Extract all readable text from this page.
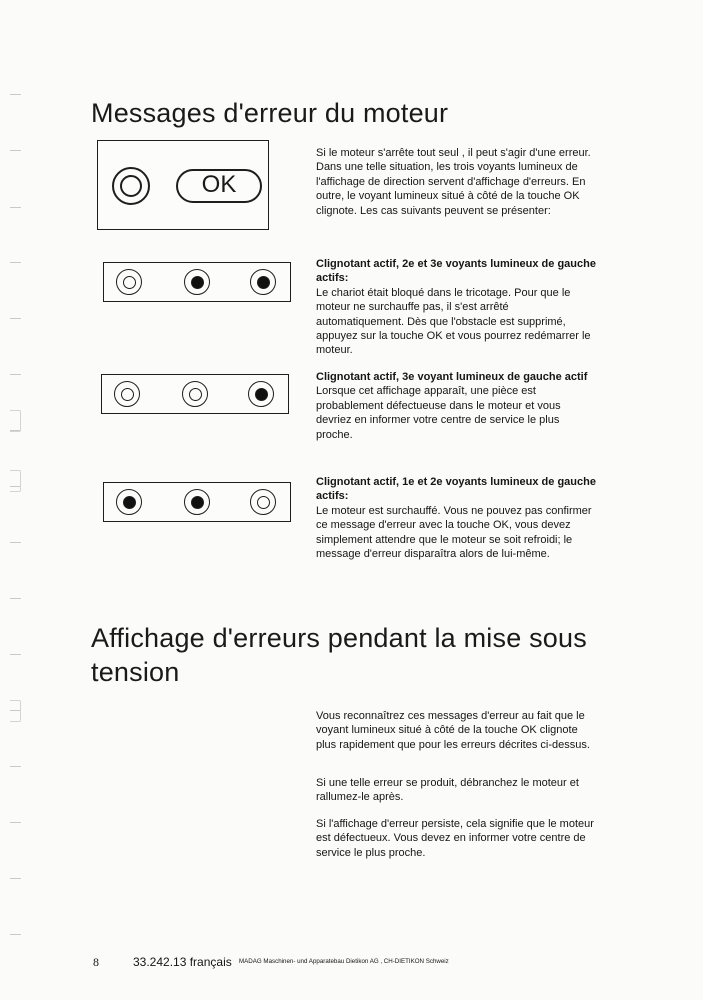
Messages d'erreur du moteur
OK

Si le moteur s'arrête tout seul , il peut s'agir d'une erreur. Dans une telle situation, les trois voyants lumineux de l'affichage de direction servent d'affichage d'erreurs. En outre, le voyant lumineux situé à côté de la touche OK clignote. Les cas suivants peuvent se présenter:

Clignotant actif, 2e et 3e voyants lumineux de gauche actifs:
Le chariot était bloqué dans le tricotage. Pour que le moteur ne surchauffe pas, il s'est arrêté automatiquement. Dès que l'obstacle est supprimé, appuyez sur la touche OK et vous pourrez redémarrer le moteur.
Clignotant actif, 3e voyant lumineux de gauche actif
Lorsque cet affichage apparaît, une pièce est probablement défectueuse dans le moteur et vous devriez en informer votre centre de service le plus proche.
Clignotant actif, 1e et 2e voyants lumineux de gauche actifs:
Le moteur est surchauffé. Vous ne pouvez pas confirmer ce message d'erreur avec la touche OK, vous devez simplement attendre que le moteur se soit refroidi; le message d'erreur disparaîtra alors de lui-même.
Affichage d'erreurs pendant la mise sous tension

Vous reconnaîtrez ces messages d'erreur au fait que le voyant lumineux situé à côté de la touche OK clignote plus rapidement que pour les erreurs décrites ci-dessus.

Si une telle erreur se produit, débranchez le moteur et rallumez-le après.

Si l'affichage d'erreur persiste, cela signifie que le moteur est défectueux. Vous devez en informer votre centre de service le plus proche.

8	33.242.13 français MADAG Maschinen- und Apparatebau Dietikon AG , CH-DIETIKON Schweiz
